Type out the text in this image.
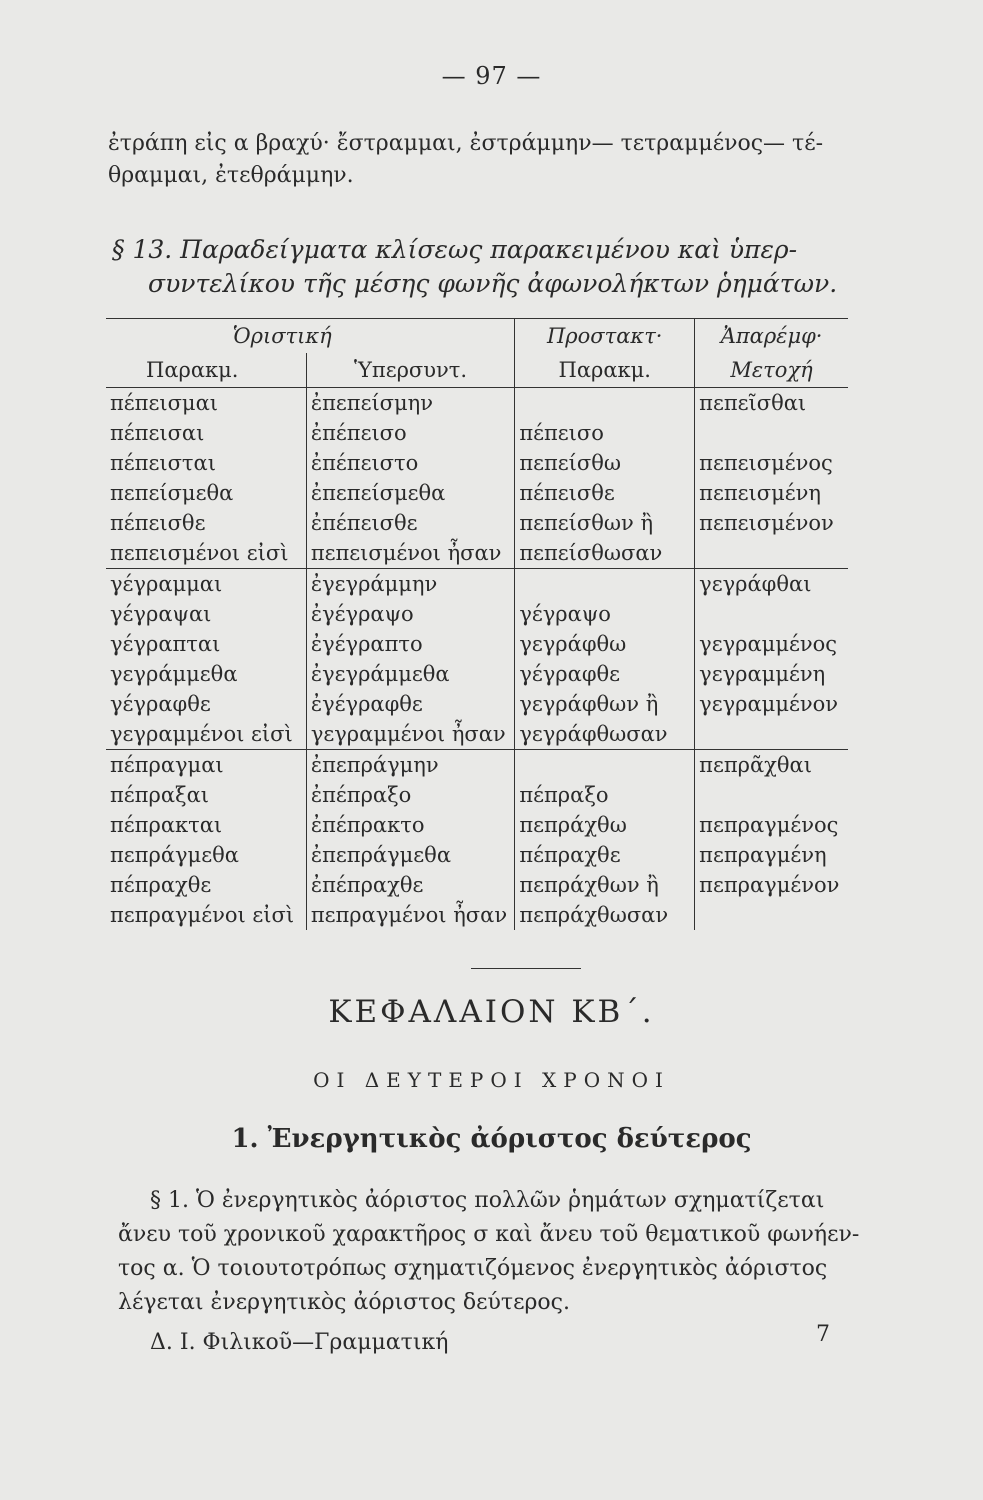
— 97 —
ἐτράπη εἰς α βραχύ· ἔστραμμαι, ἐστράμμην— τετραμμένος— τέ-
θραμμαι, ἐτεθράμμην.
§ 13. Παραδείγματα κλίσεως παρακειμένου καὶ ὑπερ-
συντελίκου τῆς μέσης φωνῆς ἀφωνολήκτων ῥημάτων.
Ὁριστική		Προστακτ·	Ἀπαρέμφ·
Παρακμ.	Ὑπερσυντ.	Παρακμ.	Μετοχή
πέπεισμαι	ἐπεπείσμην		πεπεῖσθαι
πέπεισαι	ἐπέπεισο	πέπεισο	
πέπεισται	ἐπέπειστο	πεπείσθω	πεπεισμένος
πεπείσμεθα	ἐπεπείσμεθα	πέπεισθε	πεπεισμένη
πέπεισθε	ἐπέπεισθε	πεπείσθων ἢ	πεπεισμένον
πεπεισμένοι εἰσὶ	πεπεισμένοι ἦσαν	πεπείσθωσαν	
γέγραμμαι	ἐγεγράμμην		γεγράφθαι
γέγραψαι	ἐγέγραψο	γέγραψο	
γέγραπται	ἐγέγραπτο	γεγράφθω	γεγραμμένος
γεγράμμεθα	ἐγεγράμμεθα	γέγραφθε	γεγραμμένη
γέγραφθε	ἐγέγραφθε	γεγράφθων ἢ	γεγραμμένον
γεγραμμένοι εἰσὶ	γεγραμμένοι ἦσαν	γεγράφθωσαν	
πέπραγμαι	ἐπεπράγμην		πεπρᾶχθαι
πέπραξαι	ἐπέπραξο	πέπραξο	
πέπρακται	ἐπέπρακτο	πεπράχθω	πεπραγμένος
πεπράγμεθα	ἐπεπράγμεθα	πέπραχθε	πεπραγμένη
πέπραχθε	ἐπέπραχθε	πεπράχθων ἢ	πεπραγμένον
πεπραγμένοι εἰσὶ	πεπραγμένοι ἦσαν	πεπράχθωσαν	
ΚΕΦΑΛΑΙΟΝ ΚΒ΄.
ΟΙ ΔΕΥΤΕΡΟΙ ΧΡΟΝΟΙ
1. Ἐνεργητικὸς ἀόριστος δεύτερος
§ 1. Ὁ ἐνεργητικὸς ἀόριστος πολλῶν ῥημάτων σχηματίζεται
ἄνευ τοῦ χρονικοῦ χαρακτῆρος σ καὶ ἄνευ τοῦ θεματικοῦ φωνήεν-
τος α. Ὁ τοιουτοτρόπως σχηματιζόμενος ἐνεργητικὸς ἀόριστος
λέγεται ἐνεργητικὸς ἀόριστος δεύτερος.
Δ. Ι. Φιλικοῦ—Γραμματική	7
